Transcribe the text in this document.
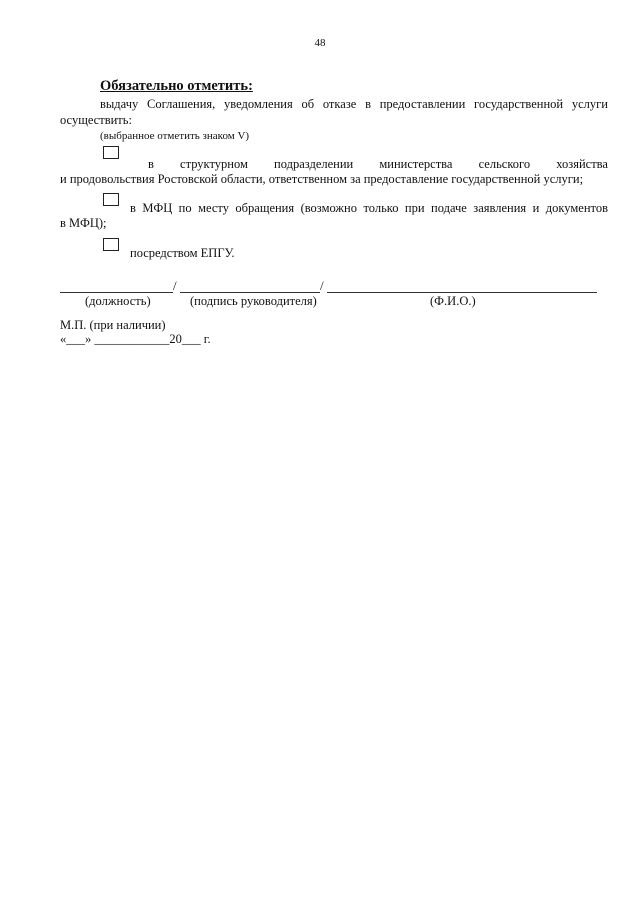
48
Обязательно отметить:
выдачу Соглашения, уведомления об отказе в предоставлении государственной услуги
осуществить:
(выбранное отметить знаком V)
в структурном подразделении министерства сельского хозяйства
и продовольствия Ростовской области, ответственном за предоставление государственной услуги;
в МФЦ по месту обращения (возможно только при подаче заявления и документов
в МФЦ);
посредством ЕПГУ.
/	/
(должность)	(подпись руководителя)	(Ф.И.О.)
М.П. (при наличии)
«___» ____________20___ г.
